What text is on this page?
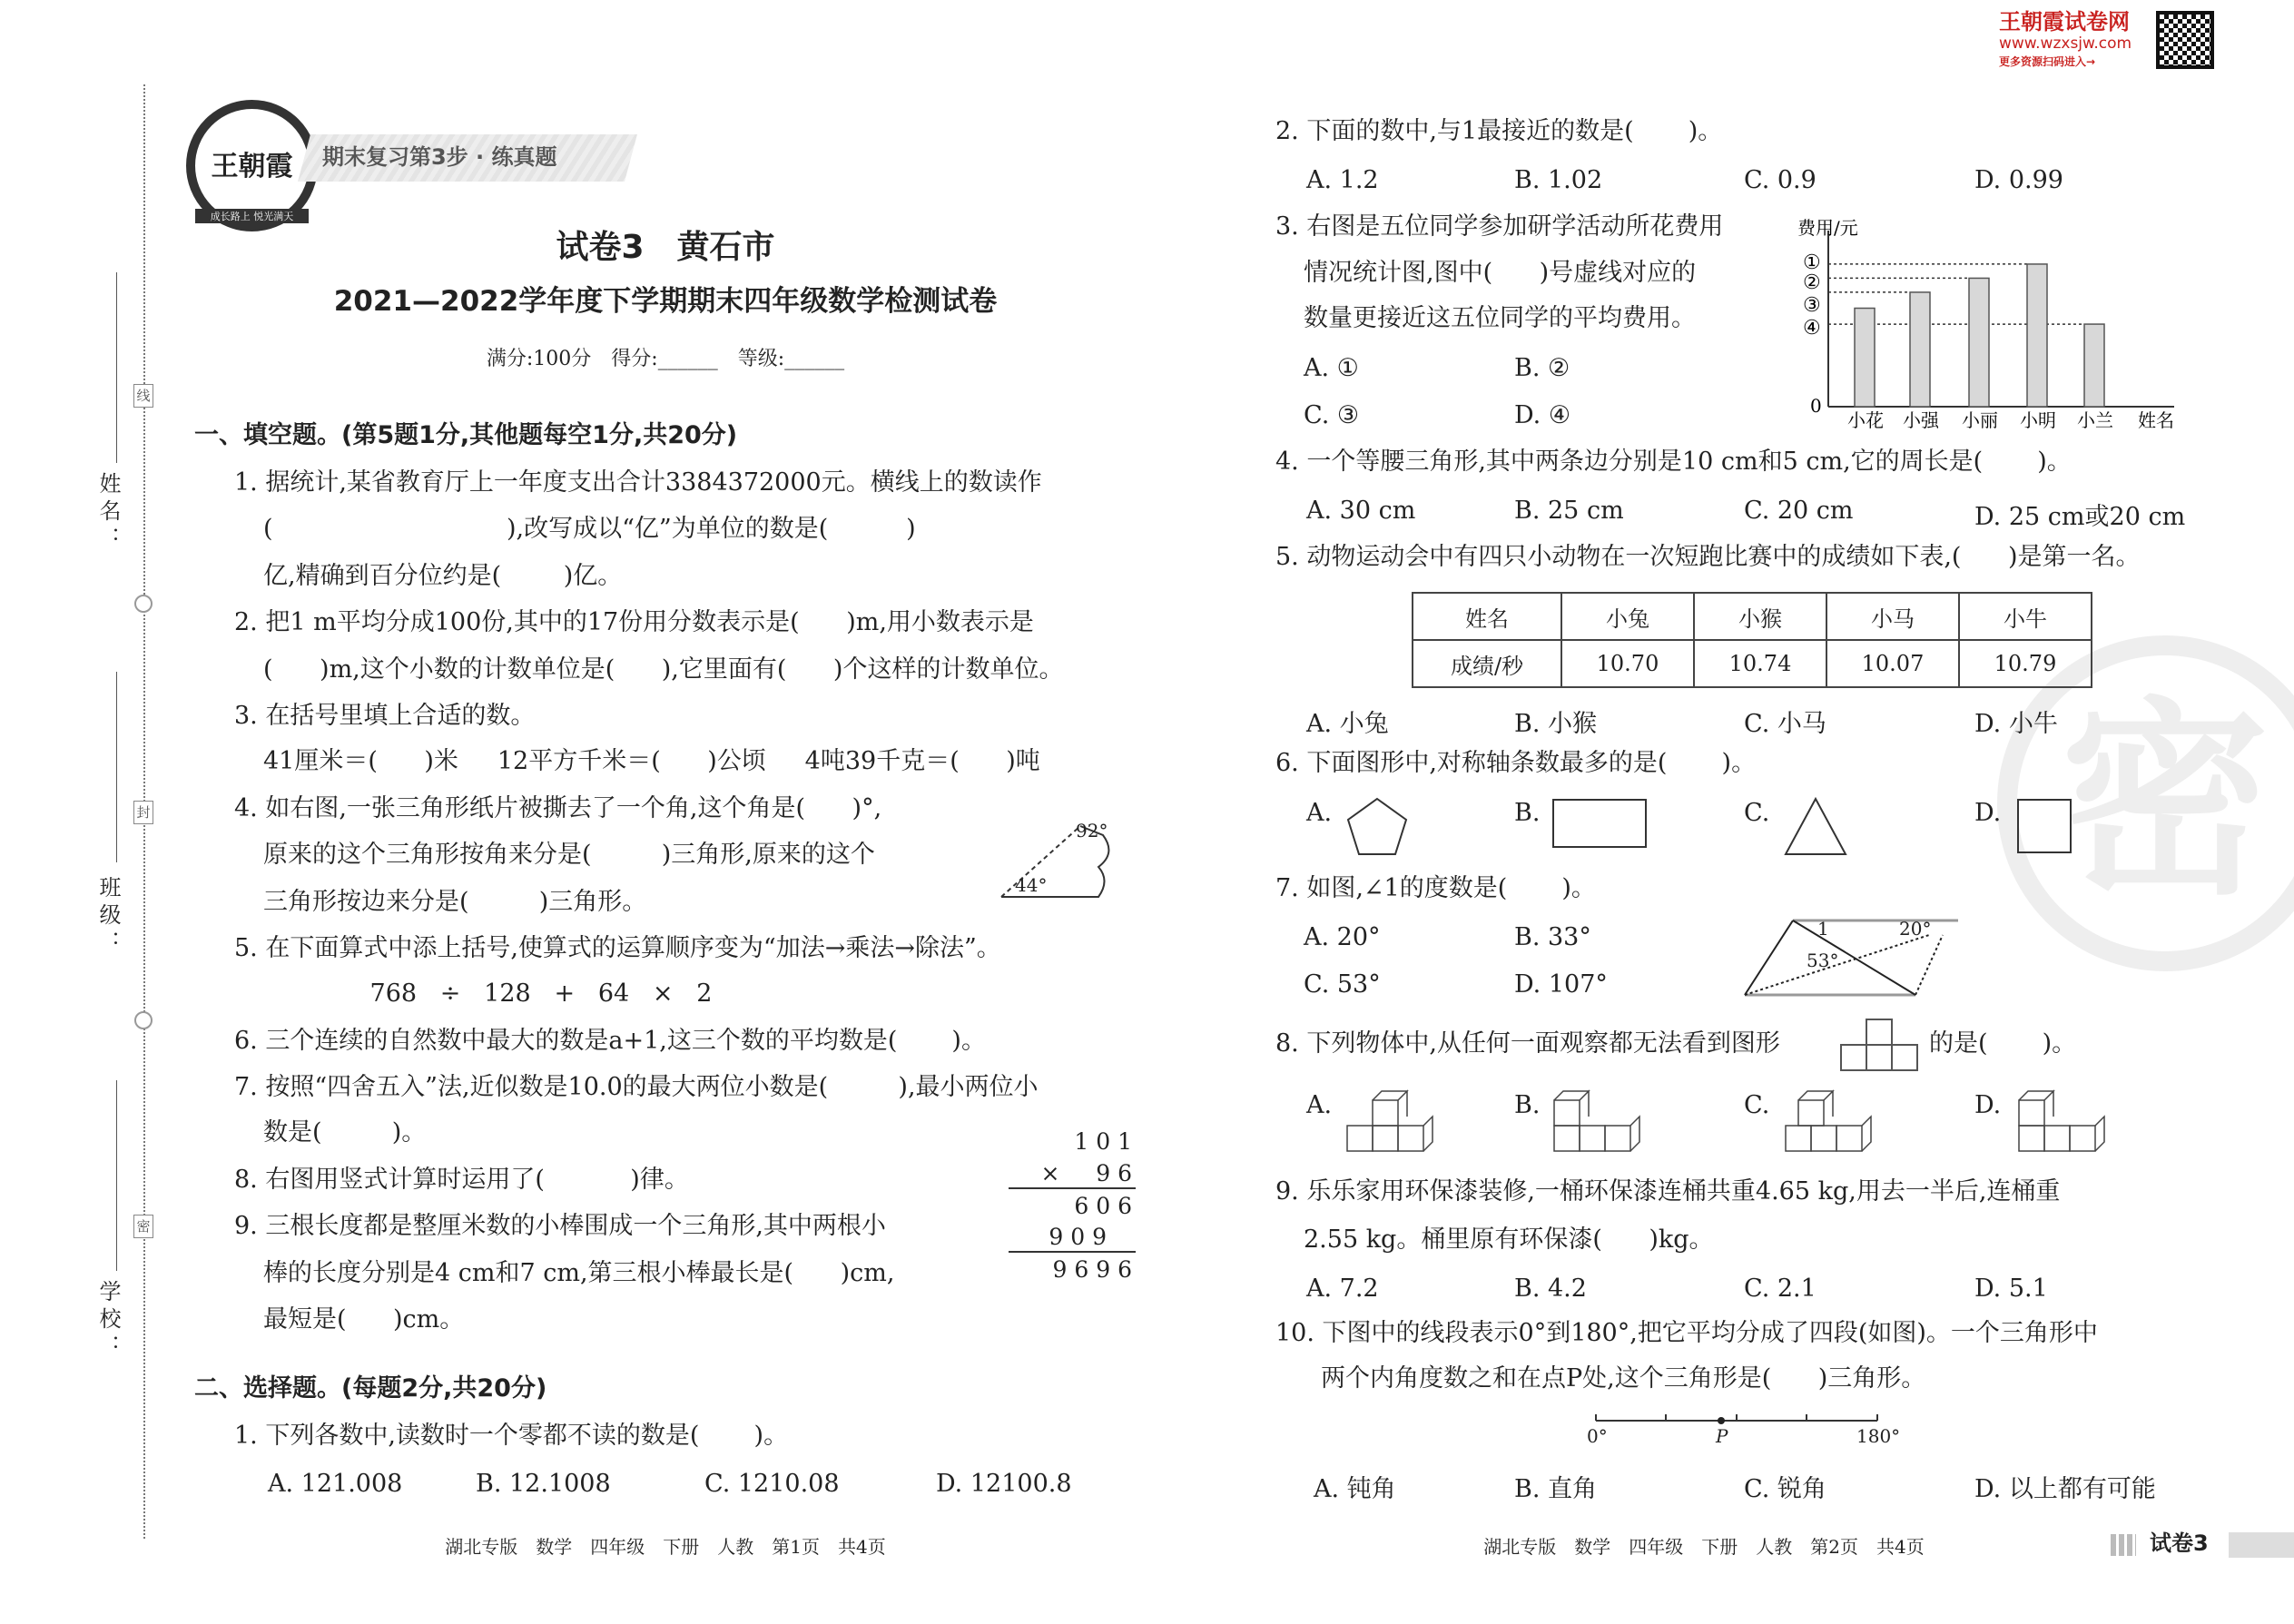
姓名：
班级：
学校：
线
封
密
王朝霞
成长路上 悦光满天
期末复习第3步 · 练真题
王朝霞试卷网
www.wzxsjw.com
更多资源扫码进入→
试卷3　黄石市
2021—2022学年度下学期期末四年级数学检测试卷
满分:100分　得分:______　等级:______
一、填空题。(第5题1分,其他题每空1分,共20分)
1. 据统计,某省教育厅上一年度支出合计3384372000元。横线上的数读作
(                              ),改写成以“亿”为单位的数是(          )
亿,精确到百分位约是(        )亿。
2. 把1 m平均分成100份,其中的17份用分数表示是(      )m,用小数表示是
(      )m,这个小数的计数单位是(      ),它里面有(      )个这样的计数单位。
3. 在括号里填上合适的数。
41厘米＝(      )米     12平方千米＝(      )公顷     4吨39千克＝(      )吨
4. 如右图,一张三角形纸片被撕去了一个角,这个角是(      )°,
原来的这个三角形按角来分是(         )三角形,原来的这个
三角形按边来分是(         )三角形。
5. 在下面算式中添上括号,使算式的运算顺序变为“加法→乘法→除法”。
768   ÷   128   +   64   ×   2
6. 三个连续的自然数中最大的数是a+1,这三个数的平均数是(       )。
7. 按照“四舍五入”法,近似数是10.0的最大两位小数是(         ),最小两位小
数是(         )。
8. 右图用竖式计算时运用了(           )律。
9. 三根长度都是整厘米数的小棒围成一个三角形,其中两根小
棒的长度分别是4 cm和7 cm,第三根小棒最长是(      )cm,
最短是(      )cm。
92°
44°
1 0 1
×     9 6
6 0 6
9 0 9
9 6 9 6
二、选择题。(每题2分,共20分)
1. 下列各数中,读数时一个零都不读的数是(       )。
A. 121.008	B. 12.1008	C. 1210.08	D. 12100.8
湖北专版　数学　四年级　下册　人教　第1页　共4页
密
2. 下面的数中,与1最接近的数是(       )。
A. 1.2	B. 1.02	C. 0.9	D. 0.99
3. 右图是五位同学参加研学活动所花费用
情况统计图,图中(      )号虚线对应的
数量更接近这五位同学的平均费用。
A. ①	B. ②
C. ③	D. ④
费用/元
0
①
②
③
④
小花 小强 小丽 小明 小兰 姓名
4. 一个等腰三角形,其中两条边分别是10 cm和5 cm,它的周长是(       )。
A. 30 cm	B. 25 cm	C. 20 cm	D. 25 cm或20 cm
5. 动物运动会中有四只小动物在一次短跑比赛中的成绩如下表,(      )是第一名。
姓名	小兔	小猴	小马	小牛
成绩/秒	10.70	10.74	10.07	10.79
A. 小兔	B. 小猴	C. 小马	D. 小牛
6. 下面图形中,对称轴条数最多的是(       )。
A.	B.	C.	D.
7. 如图,∠1的度数是(       )。
A. 20°	B. 33°
C. 53°	D. 107°
1	20°
53°
8. 下列物体中,从任何一面观察都无法看到图形	的是(       )。
A.	B.	C.	D.
9. 乐乐家用环保漆装修,一桶环保漆连桶共重4.65 kg,用去一半后,连桶重
2.55 kg。桶里原有环保漆(      )kg。
A. 7.2	B. 4.2	C. 2.1	D. 5.1
10. 下图中的线段表示0°到180°,把它平均分成了四段(如图)。一个三角形中
两个内角度数之和在点P处,这个三角形是(      )三角形。
0°	P	180°
A. 钝角	B. 直角	C. 锐角	D. 以上都有可能
湖北专版　数学　四年级　下册　人教　第2页　共4页	试卷3
